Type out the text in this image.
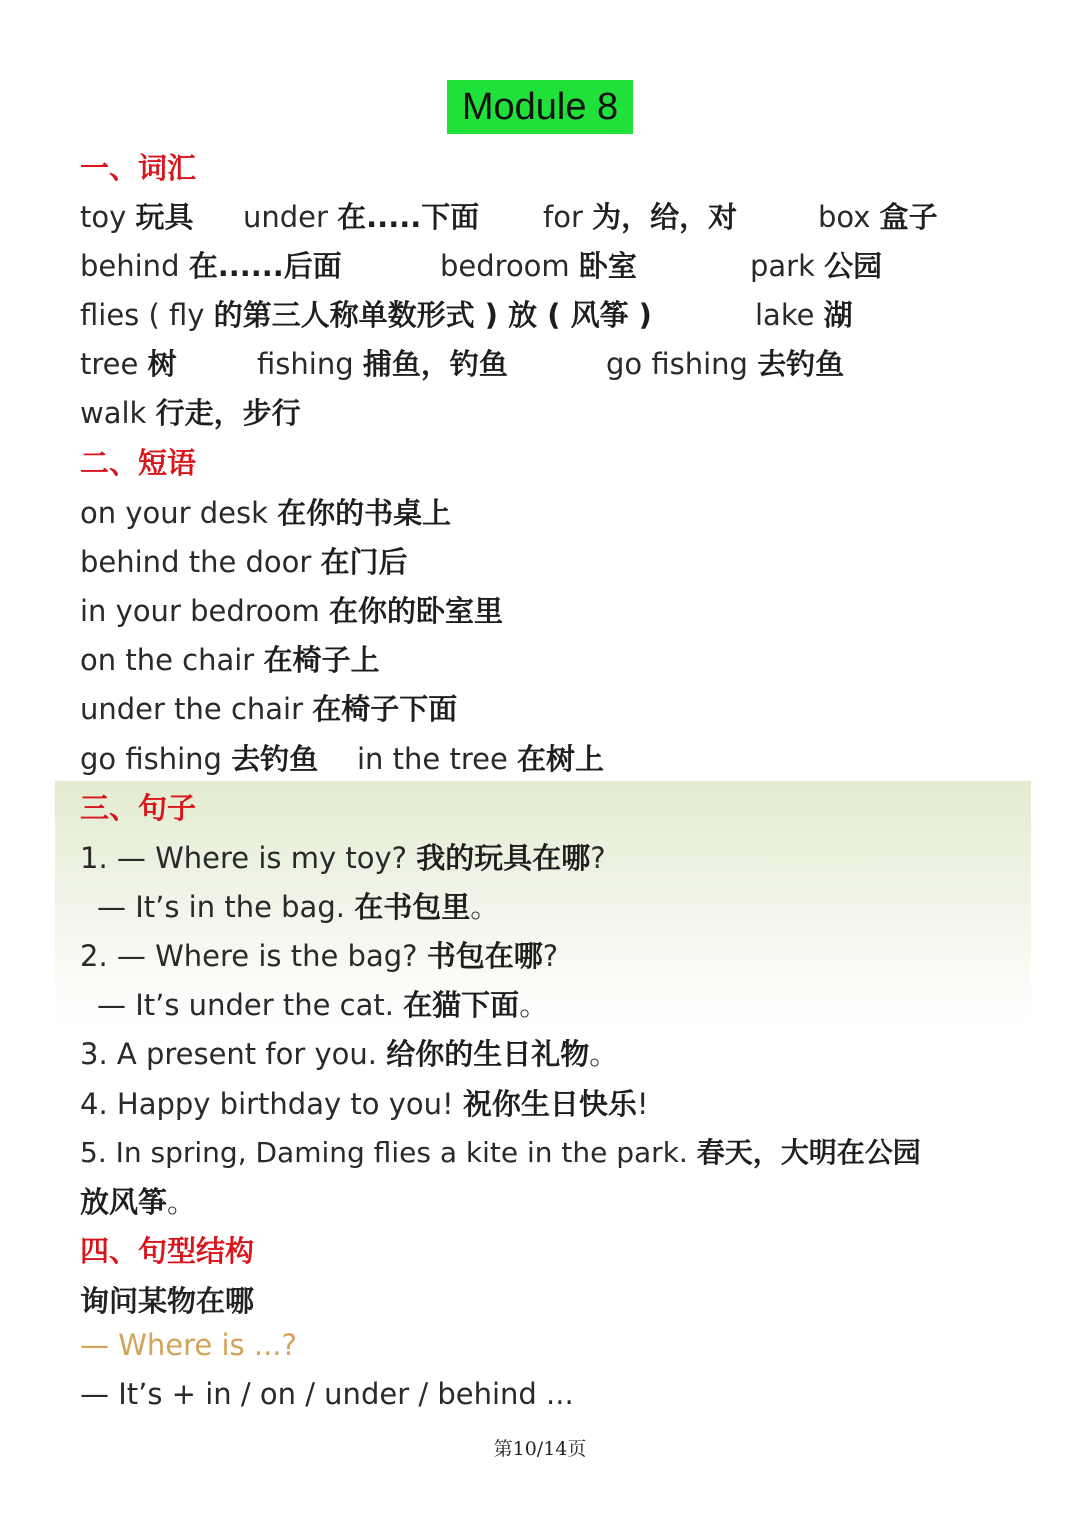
Module 8
一、词汇
toy 玩具 under 在.....下面 for 为，给，对	box 盒子
behind 在......后面	bedroom 卧室	park 公园
flies ( fly 的第三人称单数形式 ) 放 ( 风筝 )	lake 湖
tree 树	fishing 捕鱼，钓鱼	go fishing 去钓鱼
walk 行走，步行
二、短语
on your desk 在你的书桌上
behind the door 在门后
in your bedroom 在你的卧室里
on the chair 在椅子上
under the chair 在椅子下面
go fishing 去钓鱼 in the tree 在树上
三、句子
1. — Where is my toy? 我的玩具在哪?
— It’s in the bag. 在书包里。
2. — Where is the bag? 书包在哪?
— It’s under the cat. 在猫下面。
3. A present for you. 给你的生日礼物。
4. Happy birthday to you! 祝你生日快乐!
5. In spring, Daming flies a kite in the park. 春天，大明在公园
放风筝。
四、句型结构
询问某物在哪
— Where is ...?
— It’s + in / on / under / behind ...
第10/14页
